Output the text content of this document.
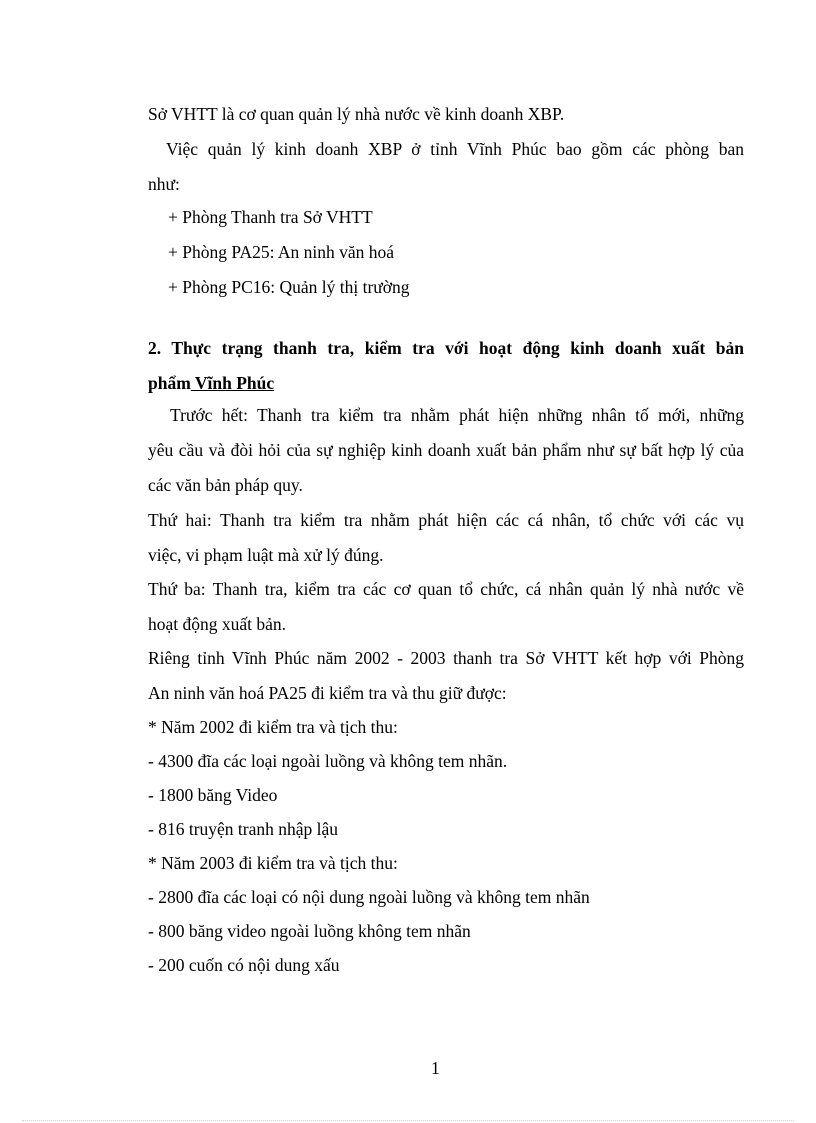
Sở VHTT là cơ quan quản lý nhà nước về kinh doanh XBP.
Việc quản lý kinh doanh XBP ở tỉnh Vĩnh Phúc bao gồm các phòng ban
như:
+ Phòng Thanh tra Sở VHTT
+ Phòng PA25: An ninh văn hoá
+ Phòng PC16: Quản lý thị trường
2. Thực trạng thanh tra, kiểm tra với hoạt động kinh doanh xuất bản
phẩm Vĩnh Phúc
Trước hết: Thanh tra kiểm tra nhằm phát hiện những nhân tố mới, những
yêu cầu và đòi hỏi của sự nghiệp kinh doanh xuất bản phẩm như sự bất hợp lý của
các văn bản pháp quy.
Thứ hai: Thanh tra kiểm tra nhằm phát hiện các cá nhân, tổ chức với các vụ
việc, vi phạm luật mà xử lý đúng.
Thứ ba: Thanh tra, kiểm tra các cơ quan tổ chức, cá nhân quản lý nhà nước về
hoạt động xuất bản.
Riêng tỉnh Vĩnh Phúc năm 2002 - 2003 thanh tra Sở VHTT kết hợp với Phòng
An ninh văn hoá PA25 đi kiểm tra và thu giữ được:
* Năm 2002 đi kiểm tra và tịch thu:
- 4300 đĩa các loại ngoài luồng và không tem nhãn.
- 1800 băng Video
- 816 truyện tranh nhập lậu
* Năm 2003 đi kiểm tra và tịch thu:
- 2800 đĩa các loại có nội dung ngoài luồng và không tem nhãn
- 800 băng video ngoài luồng không tem nhãn
- 200 cuốn có nội dung xấu
1
